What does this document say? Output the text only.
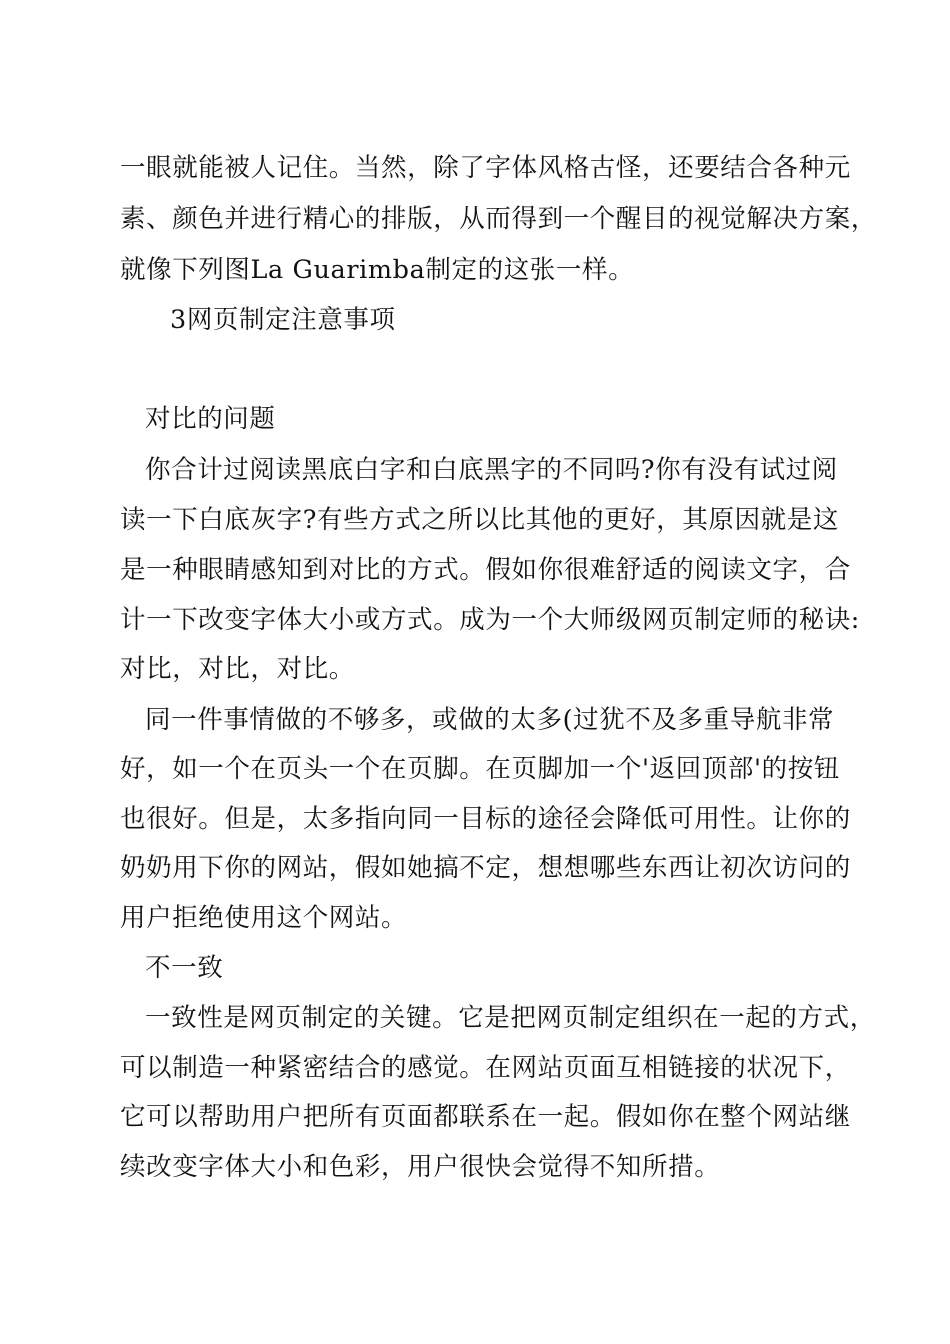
一眼就能被人记住。当然，除了字体风格古怪，还要结合各种元
素、颜色并进行精心的排版，从而得到一个醒目的视觉解决方案，
就像下列图La Guarimba制定的这张一样。
3网页制定注意事项
对比的问题
你合计过阅读黑底白字和白底黑字的不同吗?你有没有试过阅
读一下白底灰字?有些方式之所以比其他的更好，其原因就是这
是一种眼睛感知到对比的方式。假如你很难舒适的阅读文字，合
计一下改变字体大小或方式。成为一个大师级网页制定师的秘诀:
对比，对比，对比。
同一件事情做的不够多，或做的太多(过犹不及多重导航非常
好，如一个在页头一个在页脚。在页脚加一个'返回顶部'的按钮
也很好。但是，太多指向同一目标的途径会降低可用性。让你的
奶奶用下你的网站，假如她搞不定，想想哪些东西让初次访问的
用户拒绝使用这个网站。
不一致
一致性是网页制定的关键。它是把网页制定组织在一起的方式，
可以制造一种紧密结合的感觉。在网站页面互相链接的状况下，
它可以帮助用户把所有页面都联系在一起。假如你在整个网站继
续改变字体大小和色彩，用户很快会觉得不知所措。
